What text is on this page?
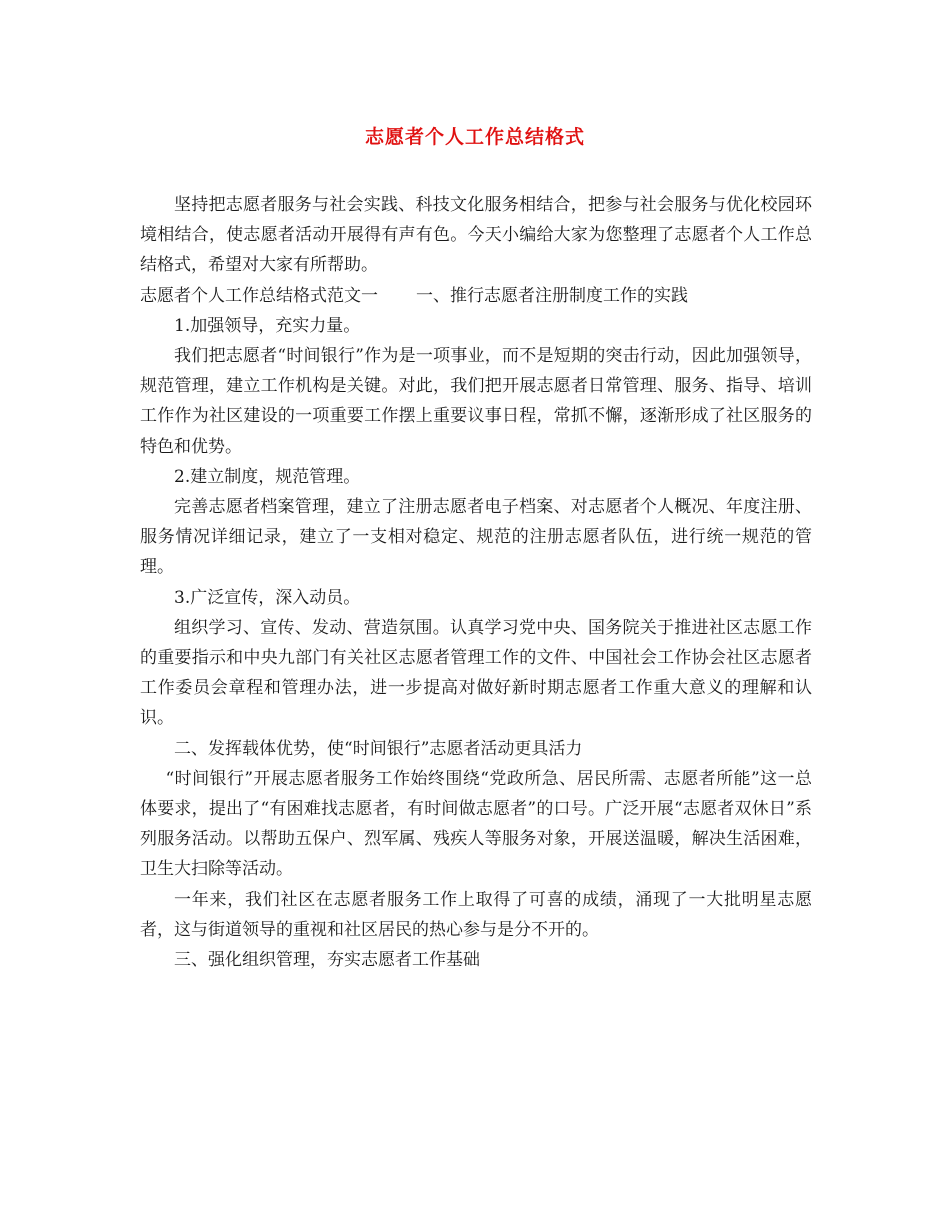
志愿者个人工作总结格式

坚持把志愿者服务与社会实践、科技文化服务相结合，把参与社会服务与优化校园环境相结合，使志愿者活动开展得有声有色。今天小编给大家为您整理了志愿者个人工作总结格式，希望对大家有所帮助。

志愿者个人工作总结格式范文一 一、推行志愿者注册制度工作的实践

1.加强领导，充实力量。

我们把志愿者“时间银行”作为是一项事业，而不是短期的突击行动，因此加强领导，规范管理，建立工作机构是关键。对此，我们把开展志愿者日常管理、服务、指导、培训工作作为社区建设的一项重要工作摆上重要议事日程，常抓不懈，逐渐形成了社区服务的特色和优势。

2.建立制度，规范管理。

完善志愿者档案管理，建立了注册志愿者电子档案、对志愿者个人概况、年度注册、服务情况详细记录，建立了一支相对稳定、规范的注册志愿者队伍，进行统一规范的管理。

3.广泛宣传，深入动员。

组织学习、宣传、发动、营造氛围。认真学习党中央、国务院关于推进社区志愿工作的重要指示和中央九部门有关社区志愿者管理工作的文件、中国社会工作协会社区志愿者工作委员会章程和管理办法，进一步提高对做好新时期志愿者工作重大意义的理解和认识。

二、发挥载体优势，使“时间银行”志愿者活动更具活力

“时间银行”开展志愿者服务工作始终围绕“党政所急、居民所需、志愿者所能”这一总体要求，提出了“有困难找志愿者，有时间做志愿者”的口号。广泛开展“志愿者双休日”系列服务活动。以帮助五保户、烈军属、残疾人等服务对象，开展送温暖，解决生活困难，卫生大扫除等活动。

一年来，我们社区在志愿者服务工作上取得了可喜的成绩，涌现了一大批明星志愿者，这与街道领导的重视和社区居民的热心参与是分不开的。

三、强化组织管理，夯实志愿者工作基础
